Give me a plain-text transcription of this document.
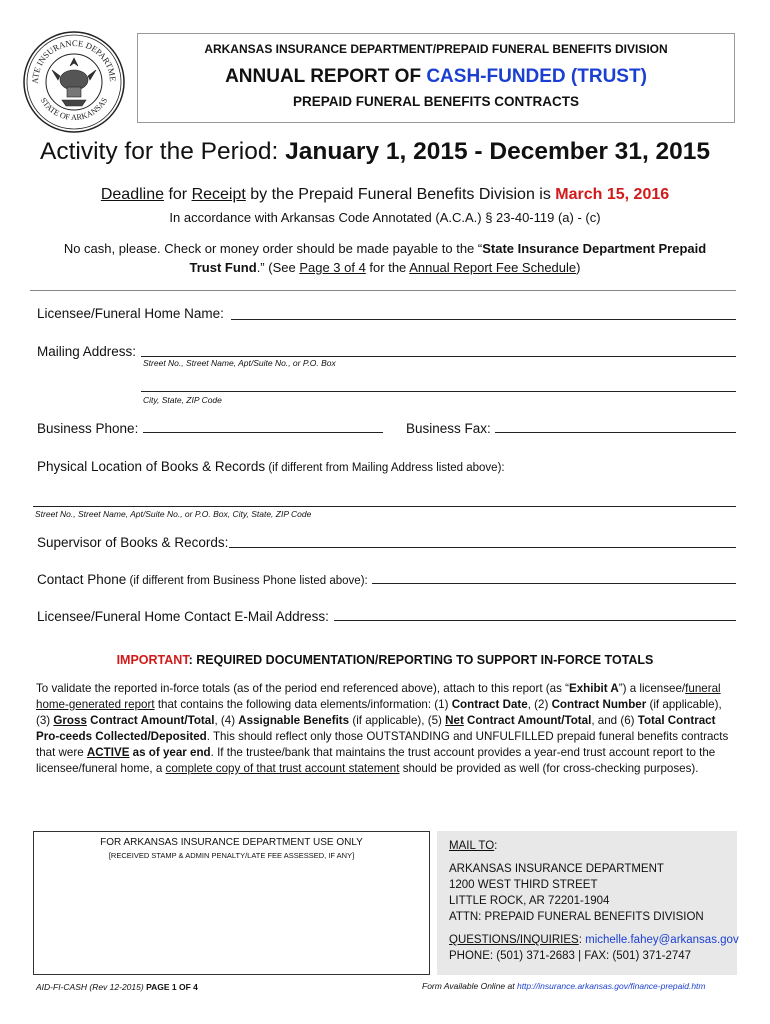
ATE INSURANCE DEPARTME
STATE OF ARKANSAS
ARKANSAS INSURANCE DEPARTMENT/PREPAID FUNERAL BENEFITS DIVISION
ANNUAL REPORT OF CASH-FUNDED (TRUST)
PREPAID FUNERAL BENEFITS CONTRACTS
Activity for the Period: January 1, 2015 - December 31, 2015
Deadline for Receipt by the Prepaid Funeral Benefits Division is March 15, 2016
In accordance with Arkansas Code Annotated (A.C.A.) § 23-40-119 (a) - (c)
No cash, please. Check or money order should be made payable to the “State Insurance Department Prepaid
Trust Fund.” (See Page 3 of 4 for the Annual Report Fee Schedule)
Licensee/Funeral Home Name:
Mailing Address:
Street No., Street Name, Apt/Suite No., or P.O. Box
City, State, ZIP Code
Business Phone:	Business Fax:
Physical Location of Books & Records (if different from Mailing Address listed above):
Street No., Street Name, Apt/Suite No., or P.O. Box, City, State, ZIP Code
Supervisor of Books & Records:
Contact Phone (if different from Business Phone listed above):
Licensee/Funeral Home Contact E-Mail Address:
IMPORTANT: REQUIRED DOCUMENTATION/REPORTING TO SUPPORT IN-FORCE TOTALS
To validate the reported in-force totals (as of the period end referenced above), attach to this report (as “Exhibit A”) a licensee/funeral home-generated report that contains the following data elements/information: (1) Contract Date, (2) Contract Number (if applicable), (3) Gross Contract Amount/Total, (4) Assignable Benefits (if applicable), (5) Net Contract Amount/Total, and (6) Total Contract Pro-ceeds Collected/Deposited. This should reflect only those OUTSTANDING and UNFULFILLED prepaid funeral benefits contracts that were ACTIVE as of year end. If the trustee/bank that maintains the trust account provides a year-end trust account report to the licensee/funeral home, a complete copy of that trust account statement should be provided as well (for cross-checking purposes).
FOR ARKANSAS INSURANCE DEPARTMENT USE ONLY
[RECEIVED STAMP & ADMIN PENALTY/LATE FEE ASSESSED, IF ANY]
MAIL TO:
ARKANSAS INSURANCE DEPARTMENT
1200 WEST THIRD STREET
LITTLE ROCK, AR 72201-1904
ATTN: PREPAID FUNERAL BENEFITS DIVISION
QUESTIONS/INQUIRIES: michelle.fahey@arkansas.gov
PHONE: (501) 371-2683 | FAX: (501) 371-2747
AID-FI-CASH (Rev 12-2015) PAGE 1 OF 4	Form Available Online at http://insurance.arkansas.gov/finance-prepaid.htm
